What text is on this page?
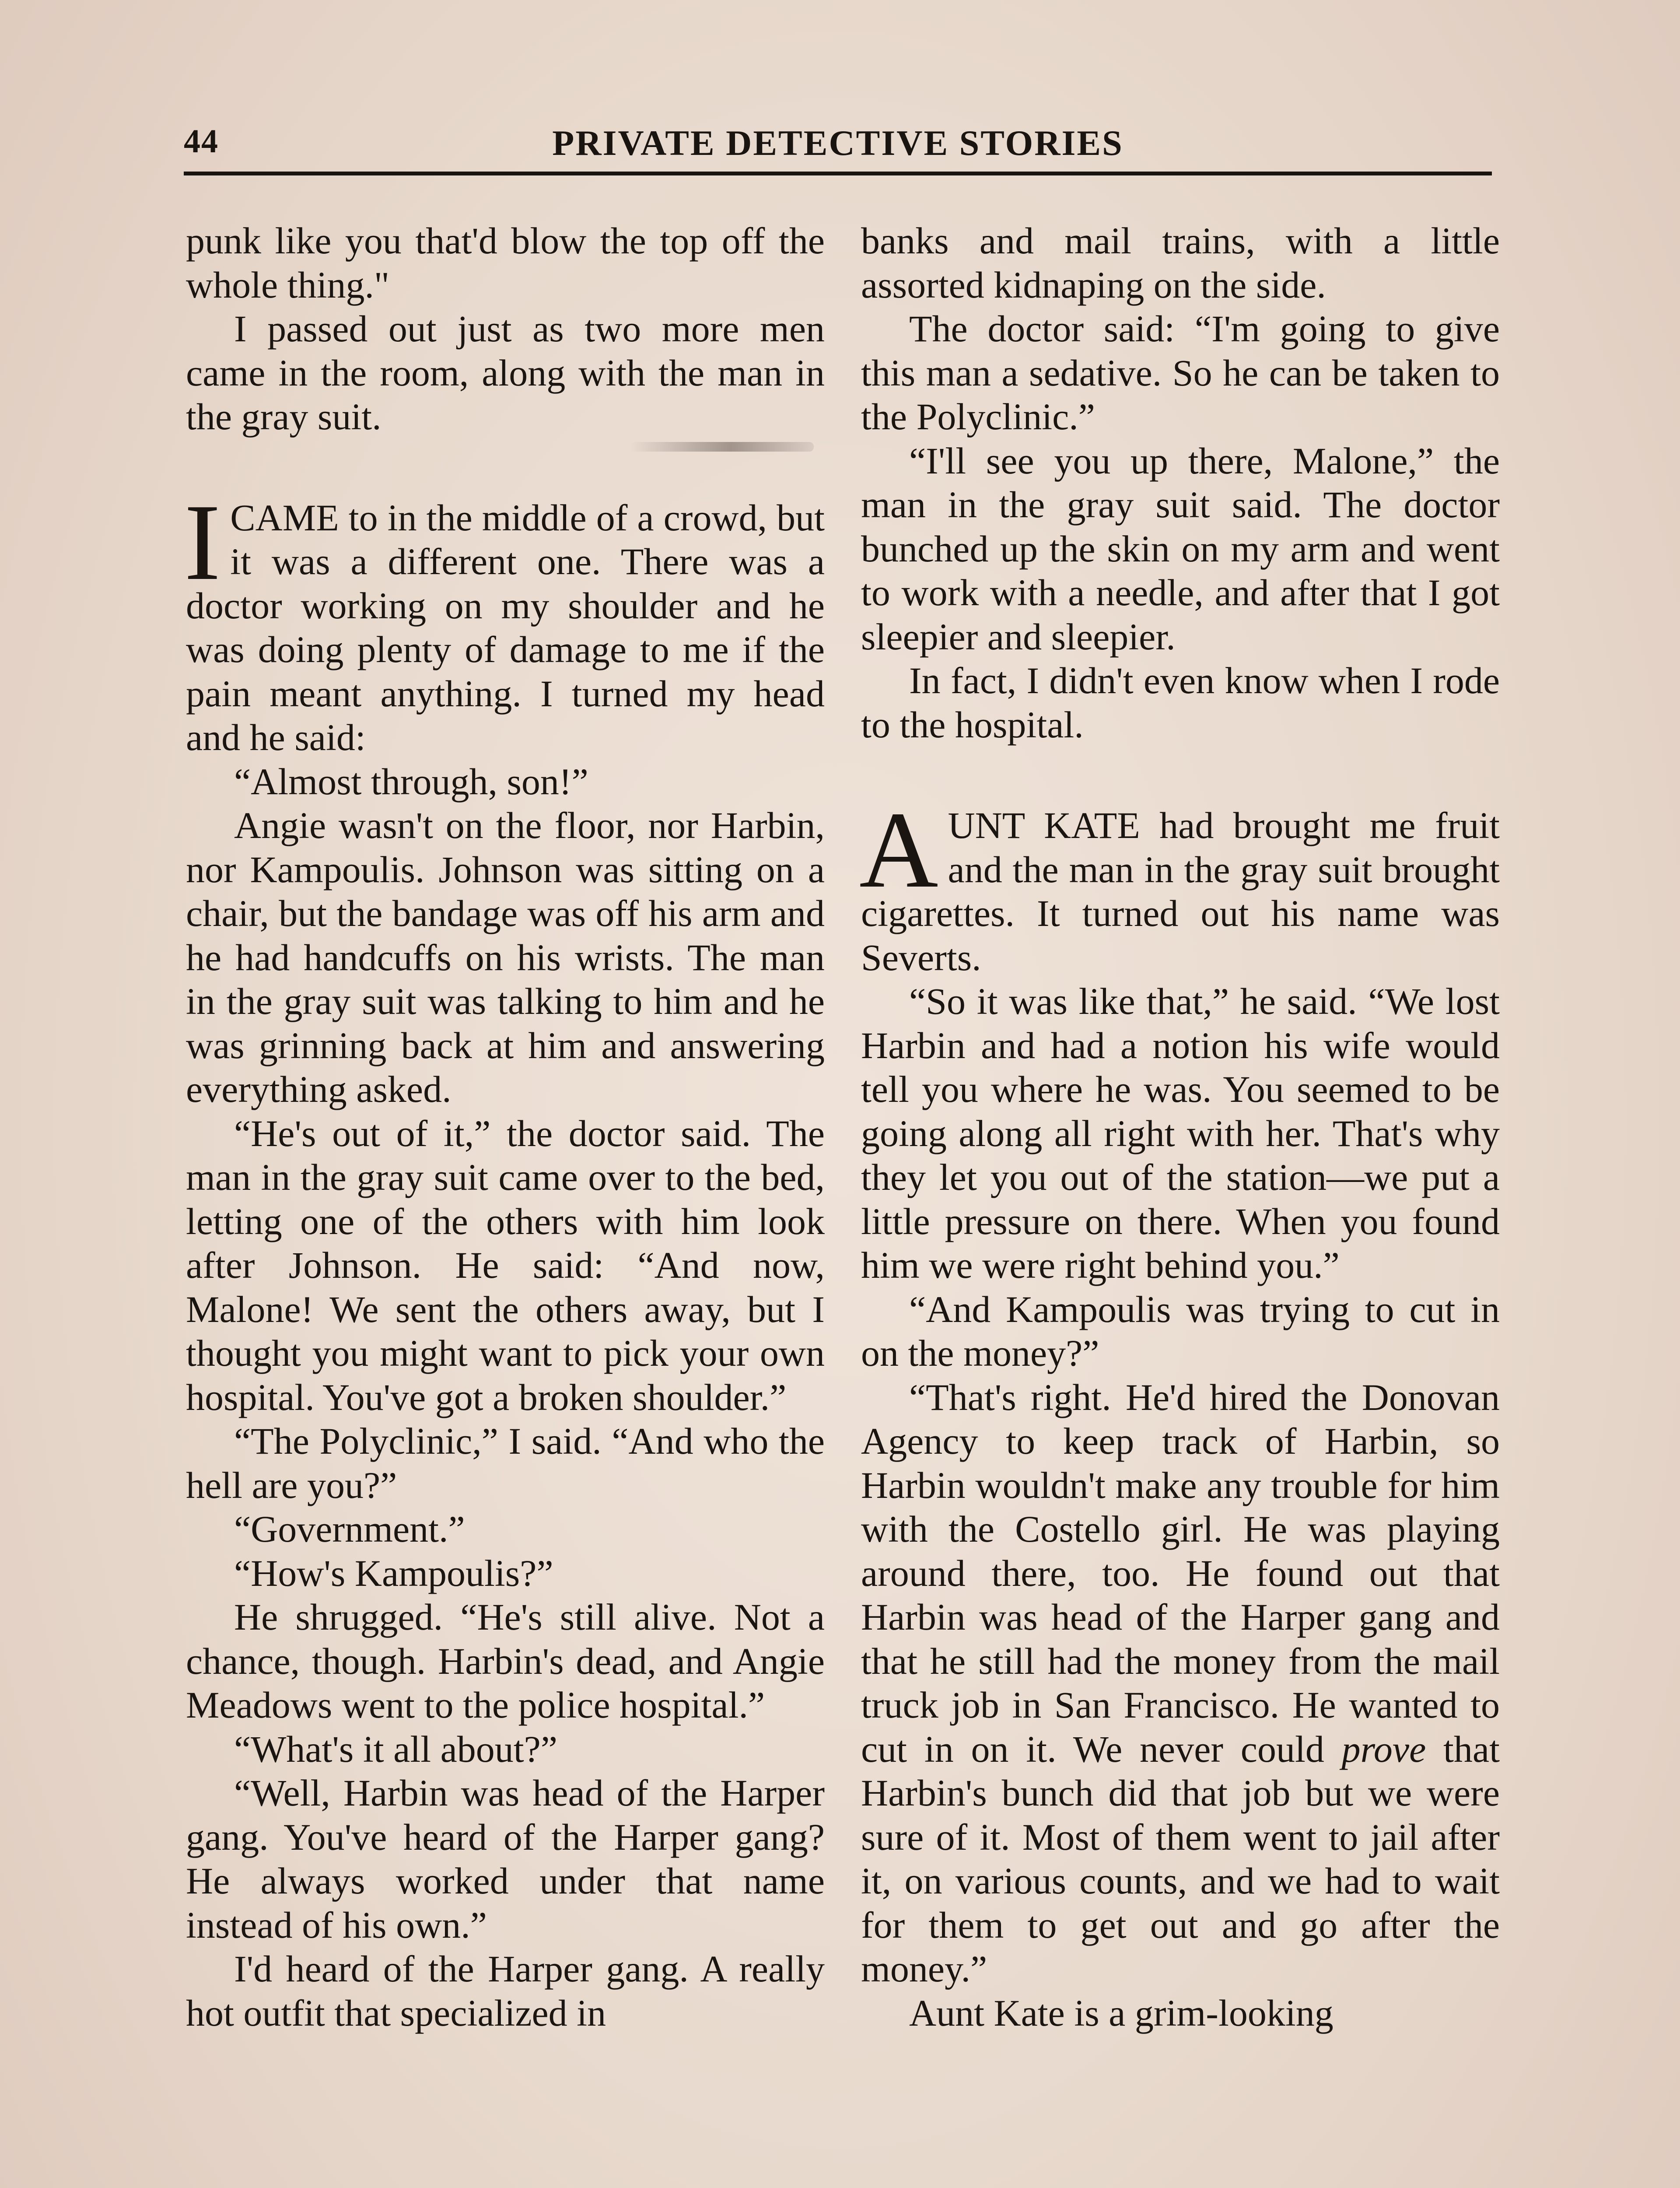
44	PRIVATE DETECTIVE STORIES

punk like you that'd blow the top off the whole thing."

I passed out just as two more men came in the room, along with the man in the gray suit.

I CAME to in the middle of a crowd, but it was a different one. There was a doctor working on my shoulder and he was doing plenty of damage to me if the pain meant anything. I turned my head and he said:

“Almost through, son!”

Angie wasn't on the floor, nor Harbin, nor Kampoulis. Johnson was sitting on a chair, but the bandage was off his arm and he had handcuffs on his wrists. The man in the gray suit was talking to him and he was grinning back at him and answering everything asked.

“He's out of it,” the doctor said. The man in the gray suit came over to the bed, letting one of the others with him look after Johnson. He said: “And now, Malone! We sent the others away, but I thought you might want to pick your own hospital. You've got a broken shoulder.”

“The Polyclinic,” I said. “And who the hell are you?”

“Government.”

“How's Kampoulis?”

He shrugged. “He's still alive. Not a chance, though. Harbin's dead, and Angie Meadows went to the police hospital.”

“What's it all about?”

“Well, Harbin was head of the Harper gang. You've heard of the Harper gang? He always worked under that name instead of his own.”

I'd heard of the Harper gang. A really hot outfit that specialized in

banks and mail trains, with a little assorted kidnaping on the side.

The doctor said: “I'm going to give this man a sedative. So he can be taken to the Polyclinic.”

“I'll see you up there, Malone,” the man in the gray suit said. The doctor bunched up the skin on my arm and went to work with a needle, and after that I got sleepier and sleepier.

In fact, I didn't even know when I rode to the hospital.

A UNT KATE had brought me fruit and the man in the gray suit brought cigarettes. It turned out his name was Severts.

“So it was like that,” he said. “We lost Harbin and had a notion his wife would tell you where he was. You seemed to be going along all right with her. That's why they let you out of the station—we put a little pressure on there. When you found him we were right behind you.”

“And Kampoulis was trying to cut in on the money?”

“That's right. He'd hired the Donovan Agency to keep track of Harbin, so Harbin wouldn't make any trouble for him with the Costello girl. He was playing around there, too. He found out that Harbin was head of the Harper gang and that he still had the money from the mail truck job in San Francisco. He wanted to cut in on it. We never could prove that Harbin's bunch did that job but we were sure of it. Most of them went to jail after it, on various counts, and we had to wait for them to get out and go after the money.”

Aunt Kate is a grim-looking
